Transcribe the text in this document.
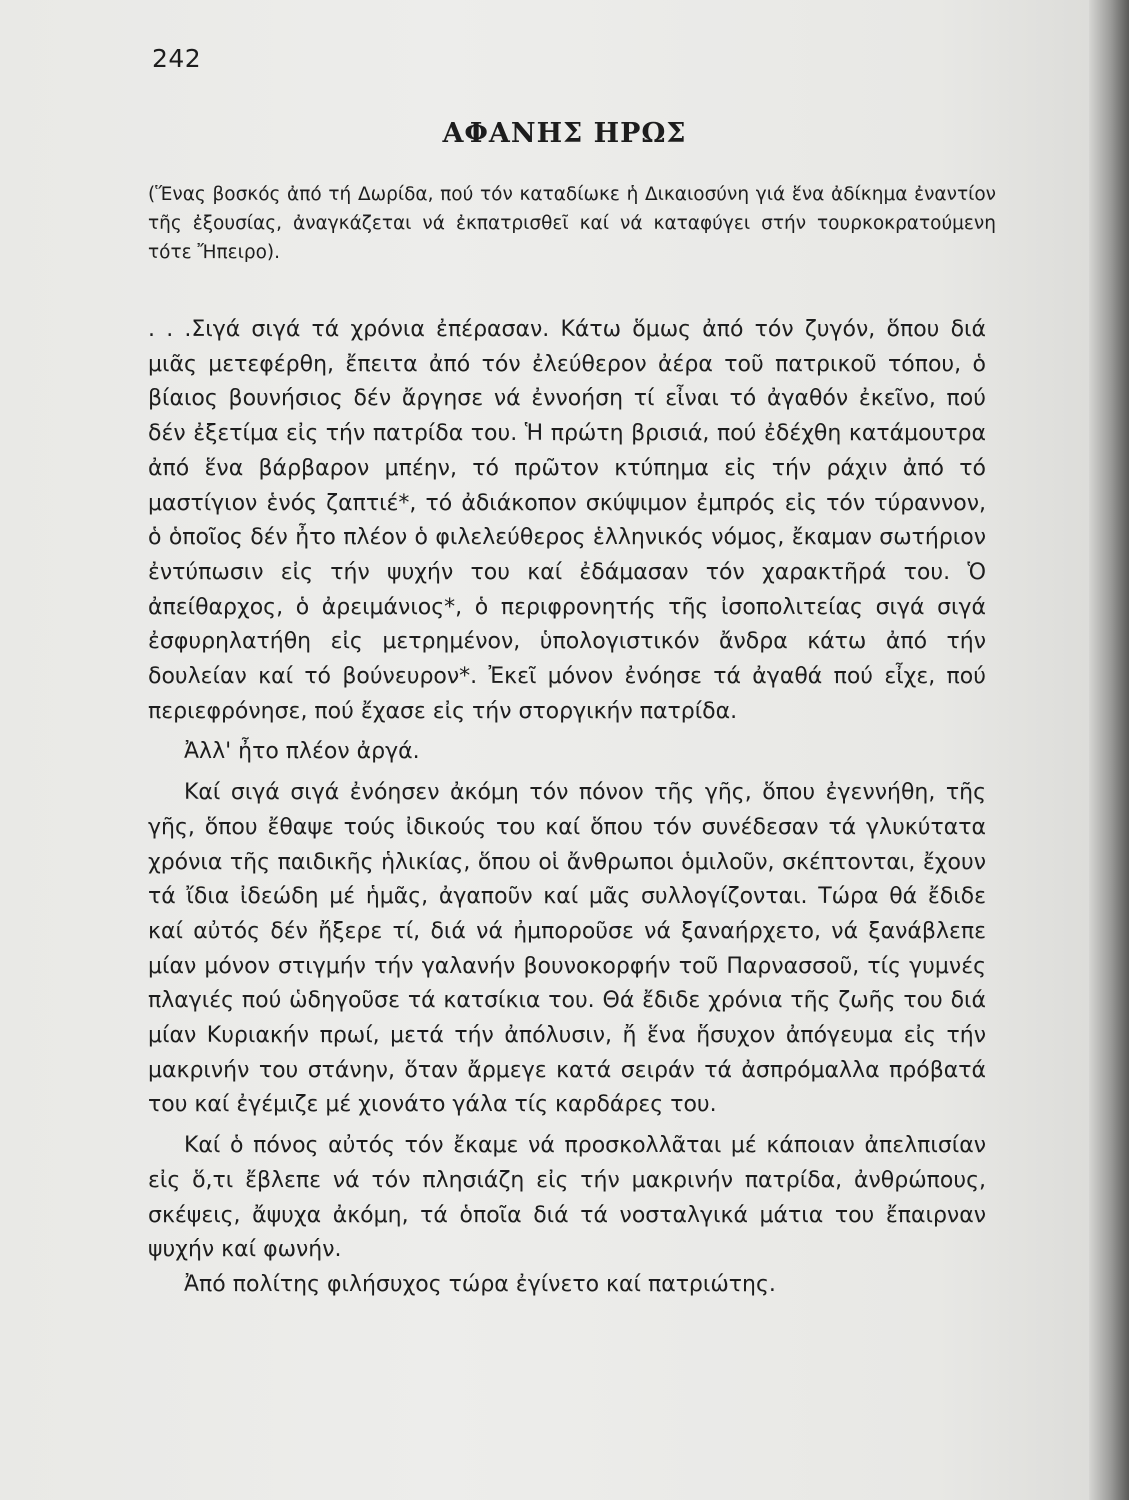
242
ΑΦΑΝΗΣ ΗΡΩΣ
(Ἕνας βοσκός ἀπό τή Δωρίδα, πού τόν καταδίωκε ἡ Δικαιοσύνη γιά ἕνα ἀδίκημα ἐναντίον τῆς ἐξουσίας, ἀναγκάζεται νά ἐκπατρισθεῖ καί νά καταφύγει στήν τουρκοκρατούμενη τότε Ἤπειρο).

. . .Σιγά σιγά τά χρόνια ἐπέρασαν. Κάτω ὅμως ἀπό τόν ζυγόν, ὅπου διά μιᾶς μετεφέρθη, ἔπειτα ἀπό τόν ἐλεύθερον ἀέρα τοῦ πατρικοῦ τόπου, ὁ βίαιος βουνήσιος δέν ἄργησε νά ἐννοήση τί εἶναι τό ἀγαθόν ἐκεῖνο, πού δέν ἐξετίμα εἰς τήν πατρίδα του. Ἡ πρώτη βρισιά, πού ἐδέχθη κατάμουτρα ἀπό ἕνα βάρβαρον μπέην, τό πρῶτον κτύπημα εἰς τήν ράχιν ἀπό τό μαστίγιον ἑνός ζαπτιέ*, τό ἀδιάκοπον σκύψιμον ἐμπρός εἰς τόν τύραννον, ὁ ὁποῖος δέν ἦτο πλέον ὁ φιλελεύθερος ἑλληνικός νόμος, ἔκαμαν σωτήριον ἐντύπωσιν εἰς τήν ψυχήν του καί ἐδάμασαν τόν χαρακτῆρά του. Ὁ ἀπείθαρχος, ὁ ἀρειμάνιος*, ὁ περιφρονητής τῆς ἰσοπολιτείας σιγά σιγά ἐσφυρηλατήθη εἰς μετρημένον, ὑπολογιστικόν ἄνδρα κάτω ἀπό τήν δουλείαν καί τό βούνευρον*. Ἐκεῖ μόνον ἐνόησε τά ἀγαθά πού εἶχε, πού περιεφρόνησε, πού ἔχασε εἰς τήν στοργικήν πατρίδα.

Ἀλλ' ἦτο πλέον ἀργά.

Καί σιγά σιγά ἐνόησεν ἀκόμη τόν πόνον τῆς γῆς, ὅπου ἐγεννήθη, τῆς γῆς, ὅπου ἔθαψε τούς ἰδικούς του καί ὅπου τόν συνέδεσαν τά γλυκύτατα χρόνια τῆς παιδικῆς ἡλικίας, ὅπου οἱ ἄνθρωποι ὁμιλοῦν, σκέπτονται, ἔχουν τά ἴδια ἰδεώδη μέ ἡμᾶς, ἀγαποῦν καί μᾶς συλλογίζονται. Τώρα θά ἔδιδε καί αὐτός δέν ἤξερε τί, διά νά ἠμποροῦσε νά ξαναήρχετο, νά ξανάβλεπε μίαν μόνον στιγμήν τήν γαλανήν βουνοκορφήν τοῦ Παρνασσοῦ, τίς γυμνές πλαγιές πού ὡδηγοῦσε τά κατσίκια του. Θά ἔδιδε χρόνια τῆς ζωῆς του διά μίαν Κυριακήν πρωί, μετά τήν ἀπόλυσιν, ἤ ἕνα ἥσυχον ἀπόγευμα εἰς τήν μακρινήν του στάνην, ὅταν ἄρμεγε κατά σειράν τά ἀσπρόμαλλα πρόβατά του καί ἐγέμιζε μέ χιονάτο γάλα τίς καρδάρες του.

Καί ὁ πόνος αὐτός τόν ἔκαμε νά προσκολλᾶται μέ κάποιαν ἀπελπισίαν εἰς ὅ,τι ἔβλεπε νά τόν πλησιάζη εἰς τήν μακρινήν πατρίδα, ἀνθρώπους, σκέψεις, ἄψυχα ἀκόμη, τά ὁποῖα διά τά νοσταλγικά μάτια του ἔπαιρναν ψυχήν καί φωνήν.

Ἀπό πολίτης φιλήσυχος τώρα ἐγίνετο καί πατριώτης.
